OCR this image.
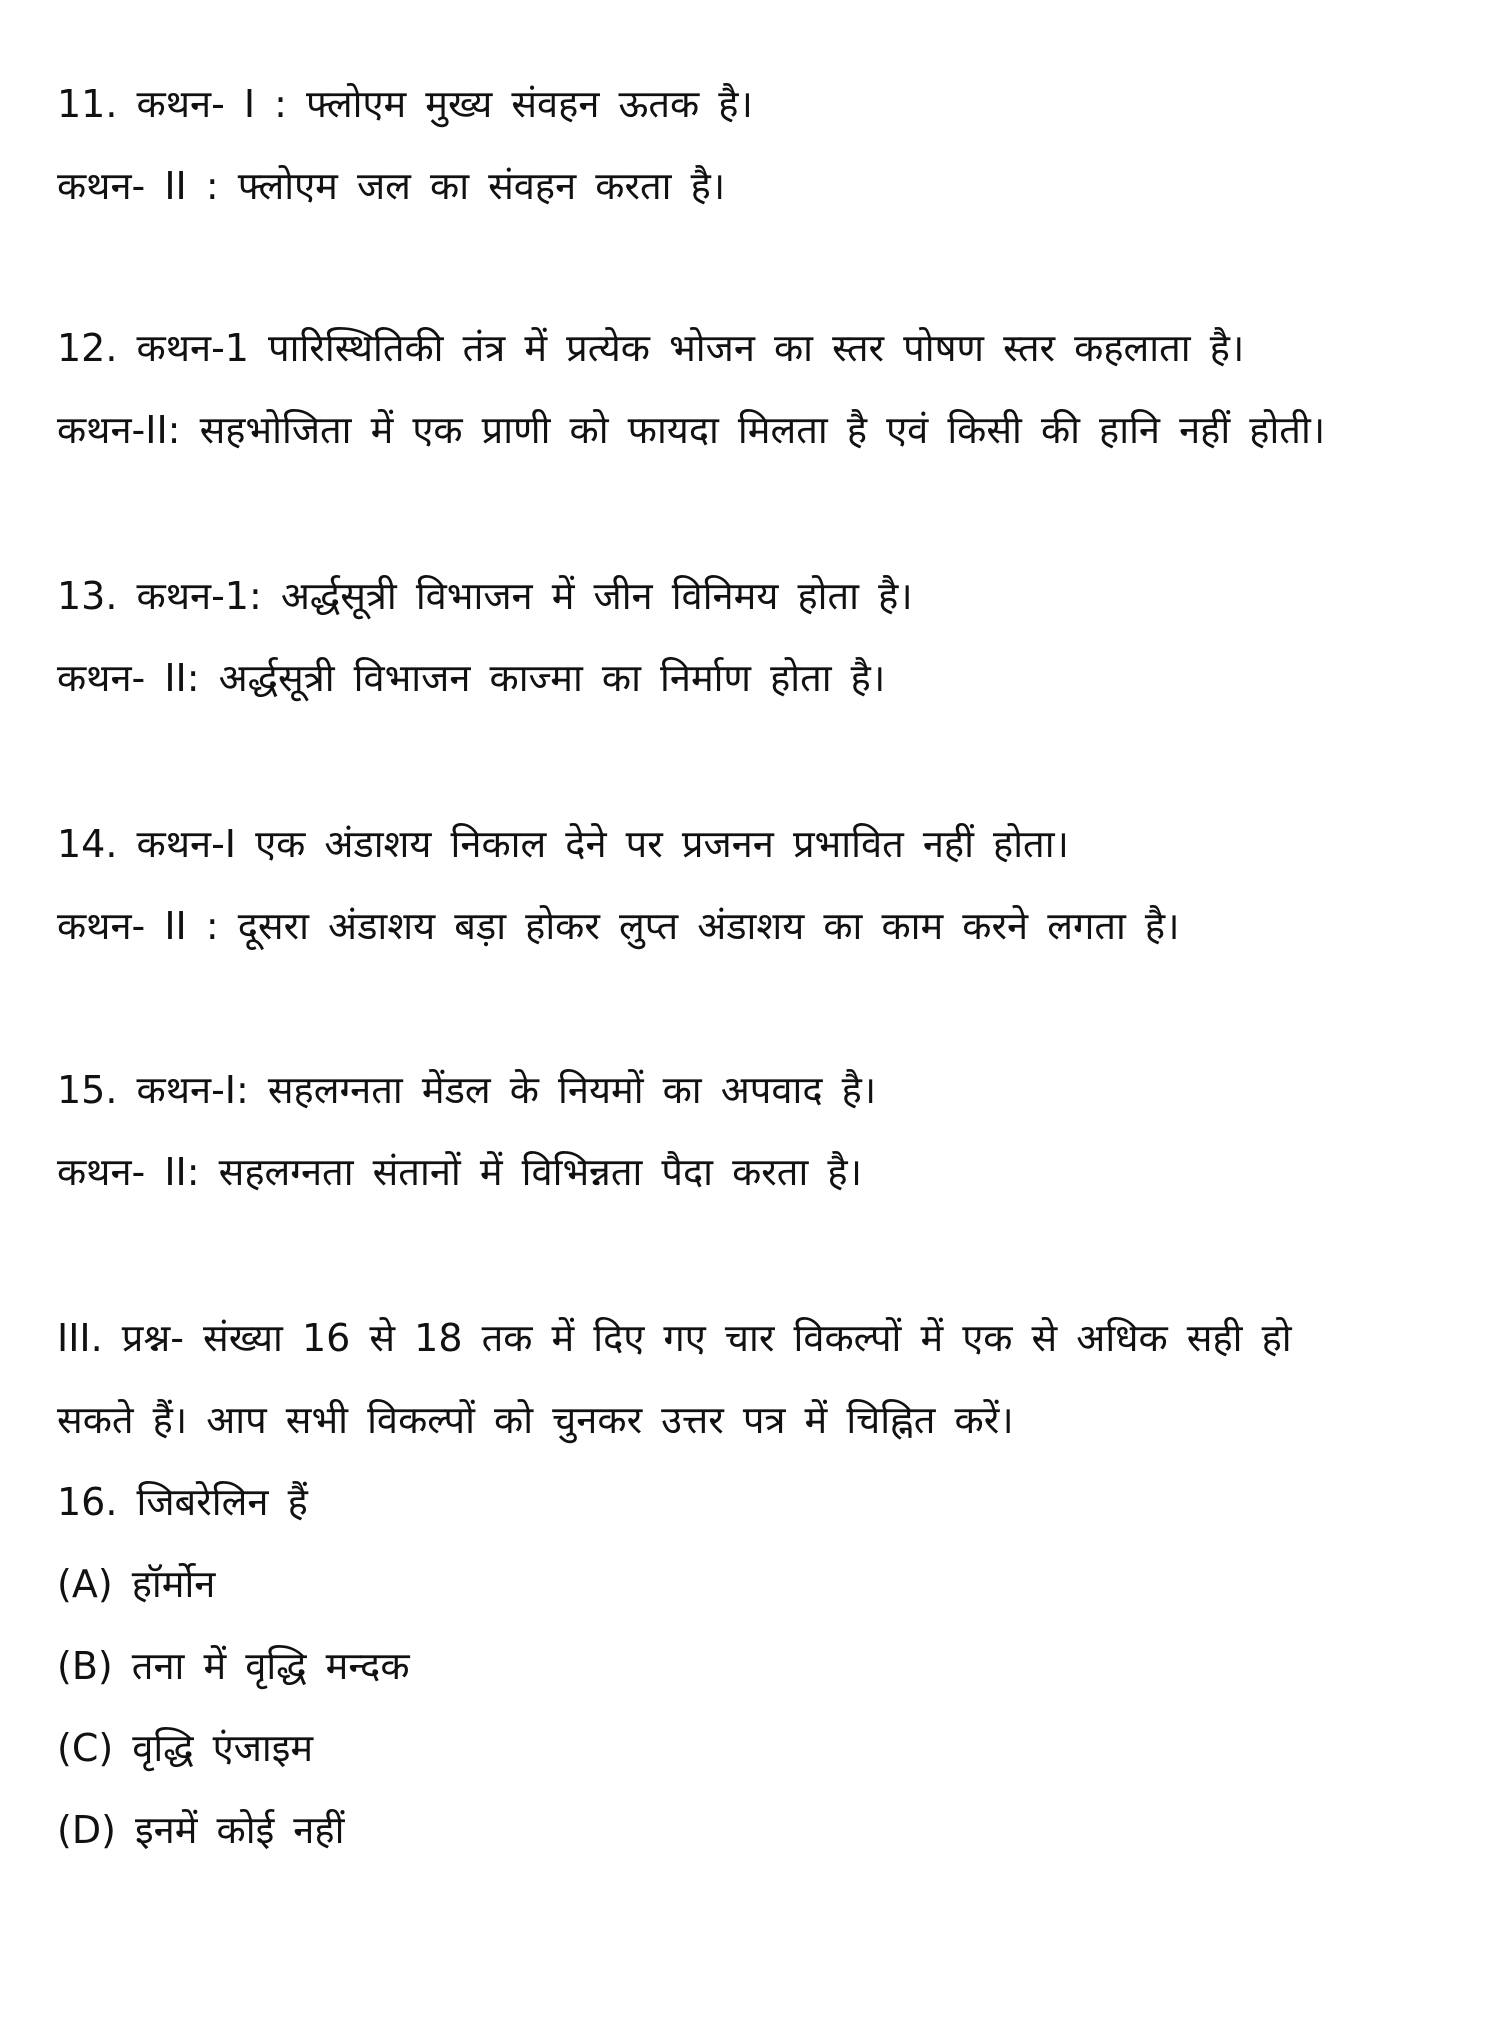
11. कथन- I : फ्लोएम मुख्य संवहन ऊतक है।
कथन- II : फ्लोएम जल का संवहन करता है।
12. कथन-1 पारिस्थितिकी तंत्र में प्रत्येक भोजन का स्तर पोषण स्तर कहलाता है।
कथन-II: सहभोजिता में एक प्राणी को फायदा मिलता है एवं किसी की हानि नहीं होती।
13. कथन-1: अर्द्धसूत्री विभाजन में जीन विनिमय होता है।
कथन- II: अर्द्धसूत्री विभाजन काज्मा का निर्माण होता है।
14. कथन-I एक अंडाशय निकाल देने पर प्रजनन प्रभावित नहीं होता।
कथन- II : दूसरा अंडाशय बड़ा होकर लुप्त अंडाशय का काम करने लगता है।
15. कथन-I: सहलग्नता मेंडल के नियमों का अपवाद है।
कथन- II: सहलग्नता संतानों में विभिन्नता पैदा करता है।
III. प्रश्न- संख्या 16 से 18 तक में दिए गए चार विकल्पों में एक से अधिक सही हो
सकते हैं। आप सभी विकल्पों को चुनकर उत्तर पत्र में चिह्नित करें।
16. जिबरेलिन हैं
(A) हॉर्मोन
(B) तना में वृद्धि मन्दक
(C) वृद्धि एंजाइम
(D) इनमें कोई नहीं
